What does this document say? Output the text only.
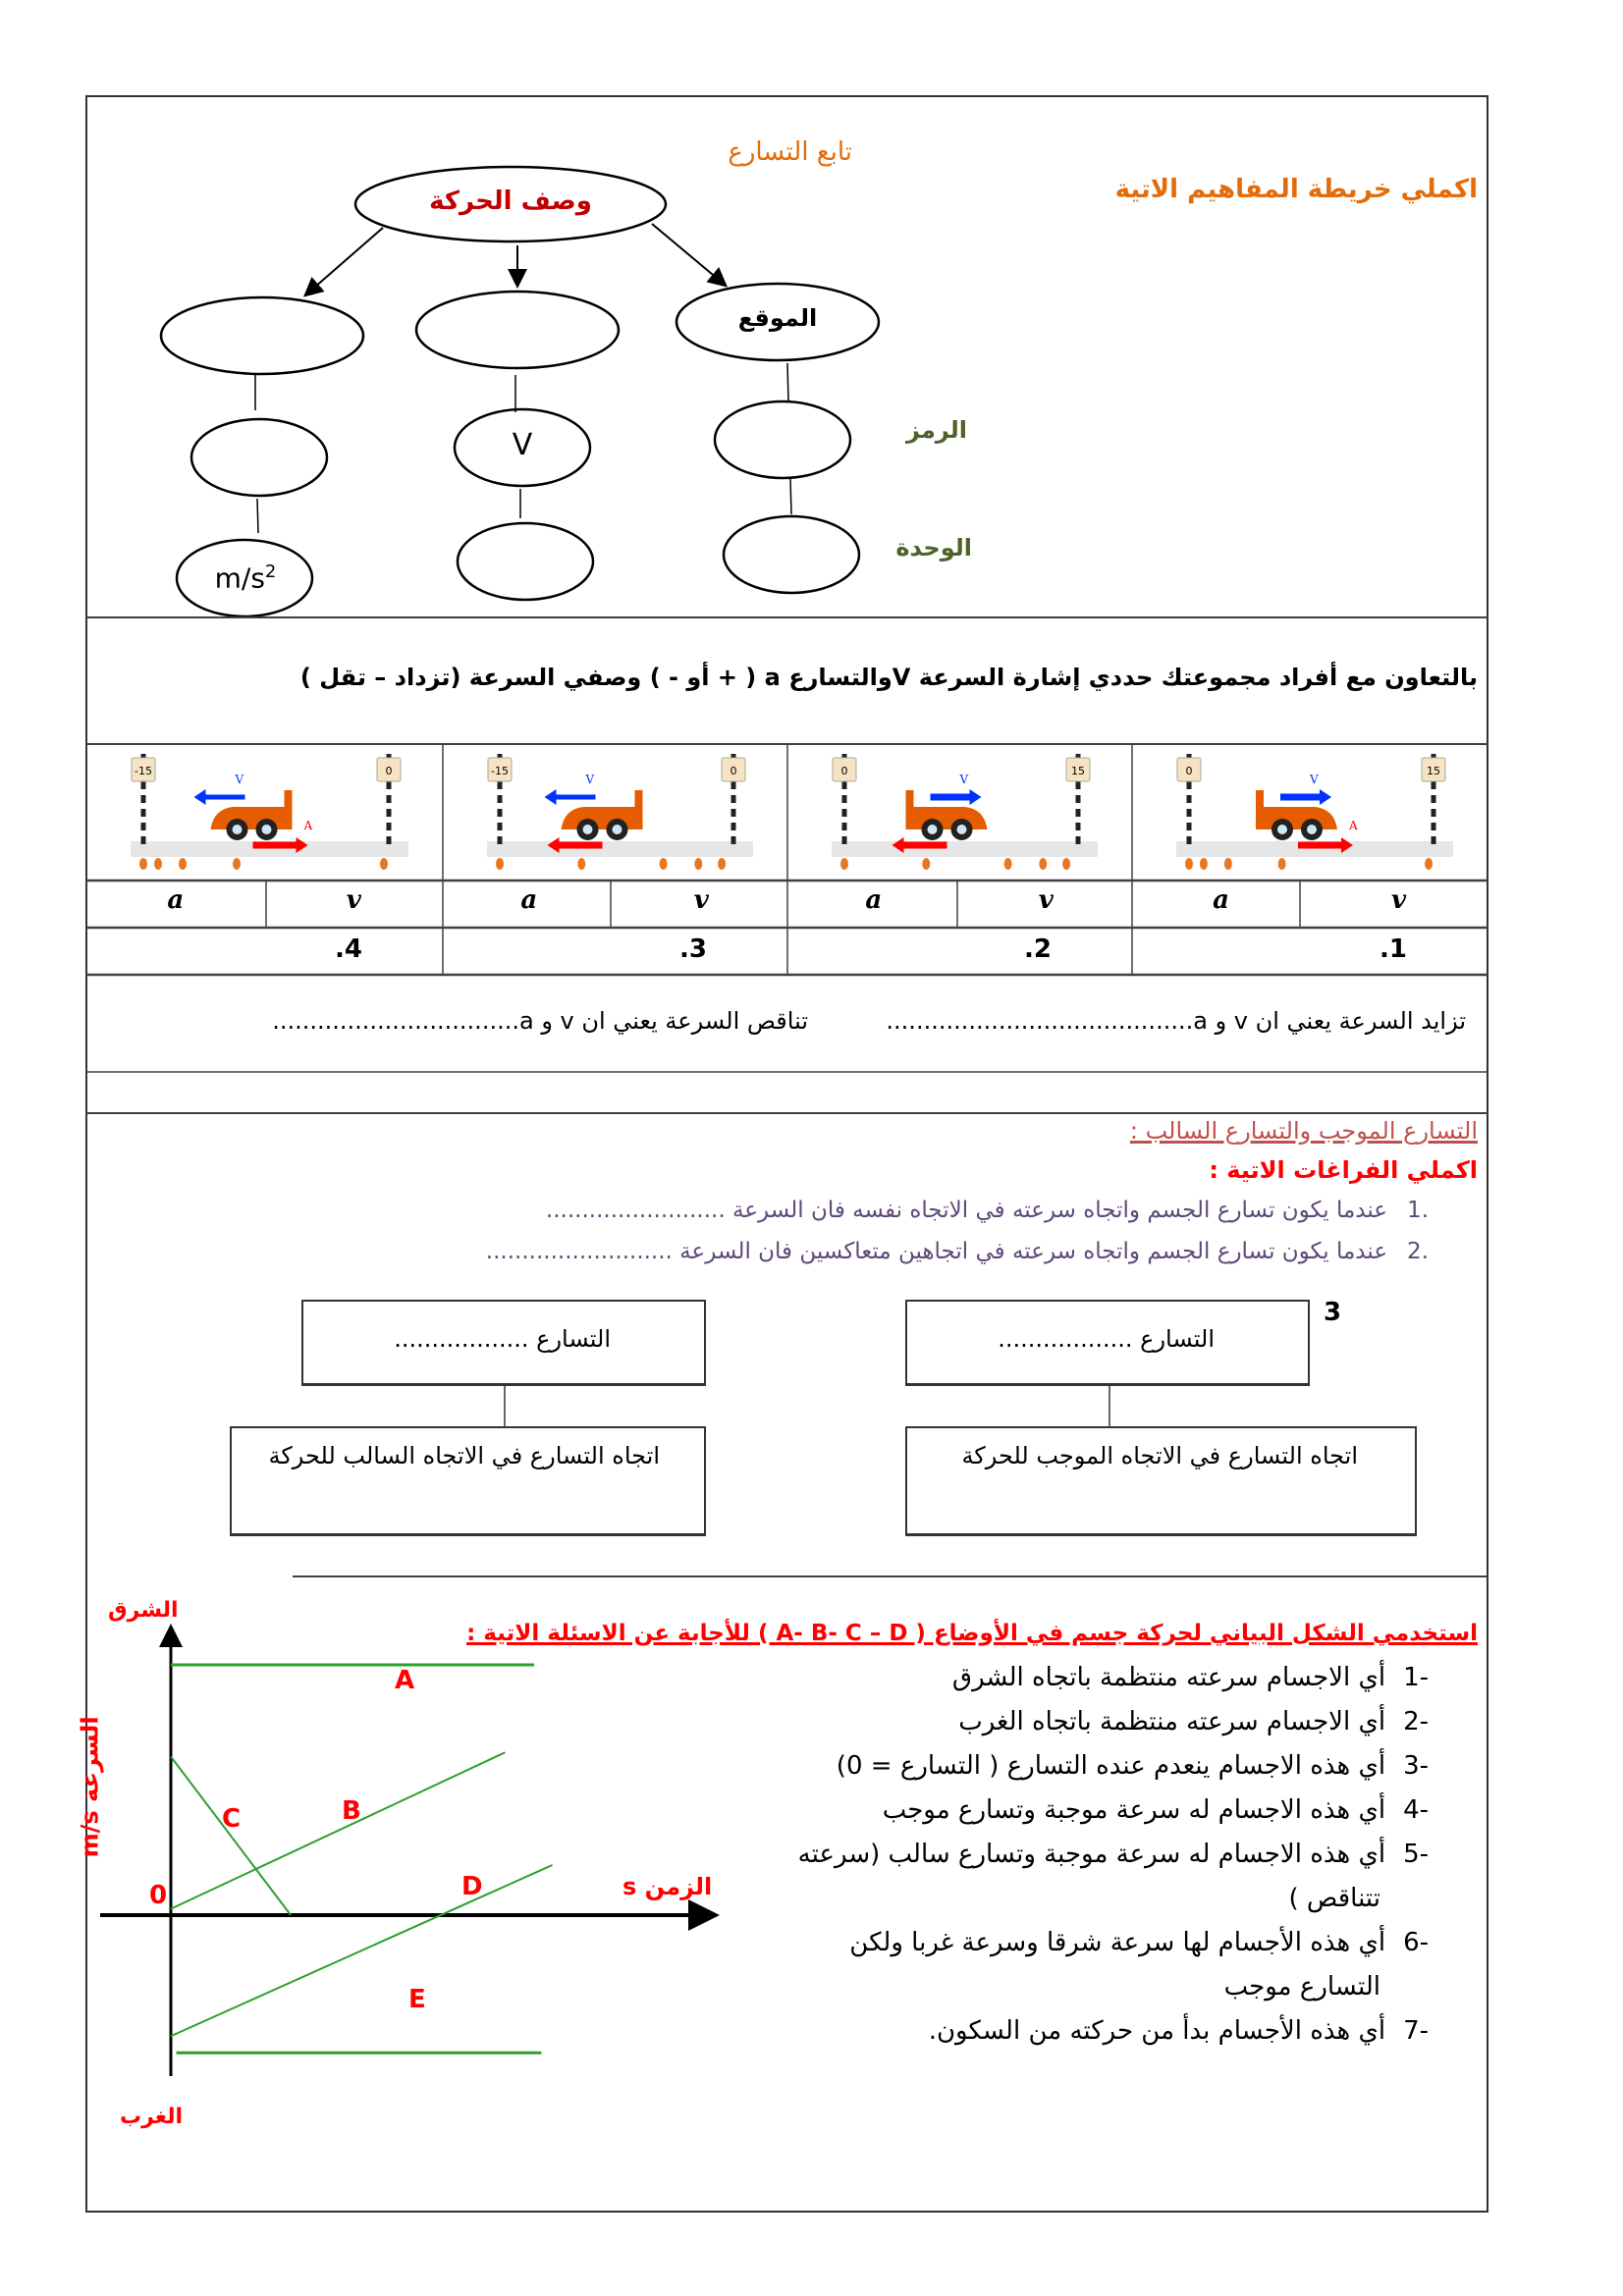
0	15
V
A
0	15
V
-15	0
V
-15	0
V
A
اكملي خريطة المفاهيم الاتية
تابع التسارع
وصف الحركة
الموقع
V
$m/s^2$
الرمز
الوحدة
بالتعاون مع أفراد مجموعتك حددي إشارة السرعة Vوالتسارع a ( + أو - ) وصفي السرعة (تزداد – تقل )
a	v
.1
a	v
.2
a	v
.3
a	v
.4
تزايد السرعة يعني ان v و a.........................................
تناقص السرعة يعني ان v و a.................................
التسارع الموجب والتسارع السالب :
اكملي الفراغات الاتية :
.1عندما يكون تسارع الجسم واتجاه سرعته في الاتجاه نفسه فان السرعة .........................
.2عندما يكون تسارع الجسم واتجاه سرعته في اتجاهين متعاكسين فان السرعة ..........................
3
التسارع ..................
اتجاه التسارع في الاتجاه الموجب للحركة
التسارع ..................
اتجاه التسارع في الاتجاه السالب للحركة
استخدمي الشكل البياني لحركة جسم في الأوضاع ( A- B- C – D ) للأجابة عن الاسئلة الاتية :
-1أي الاجسام سرعته منتظمة باتجاه الشرق
-2أي الاجسام سرعته منتظمة باتجاه الغرب
-3أي هذه الاجسام ينعدم عنده التسارع ( التسارع = 0)
-4أي هذه الاجسام له سرعة موجبة وتسارع موجب
-5أي هذه الاجسام له سرعة موجبة وتسارع سالب (سرعته
تتناقص )
-6أي هذه الأجسام لها سرعة شرقا وسرعة غربا ولكن
التسارع موجب
-7أي هذه الأجسام بدأ من حركته من السكون.
الشرق
الغرب
السرعة m/s
الزمن s
0
A
B
C
D
E
